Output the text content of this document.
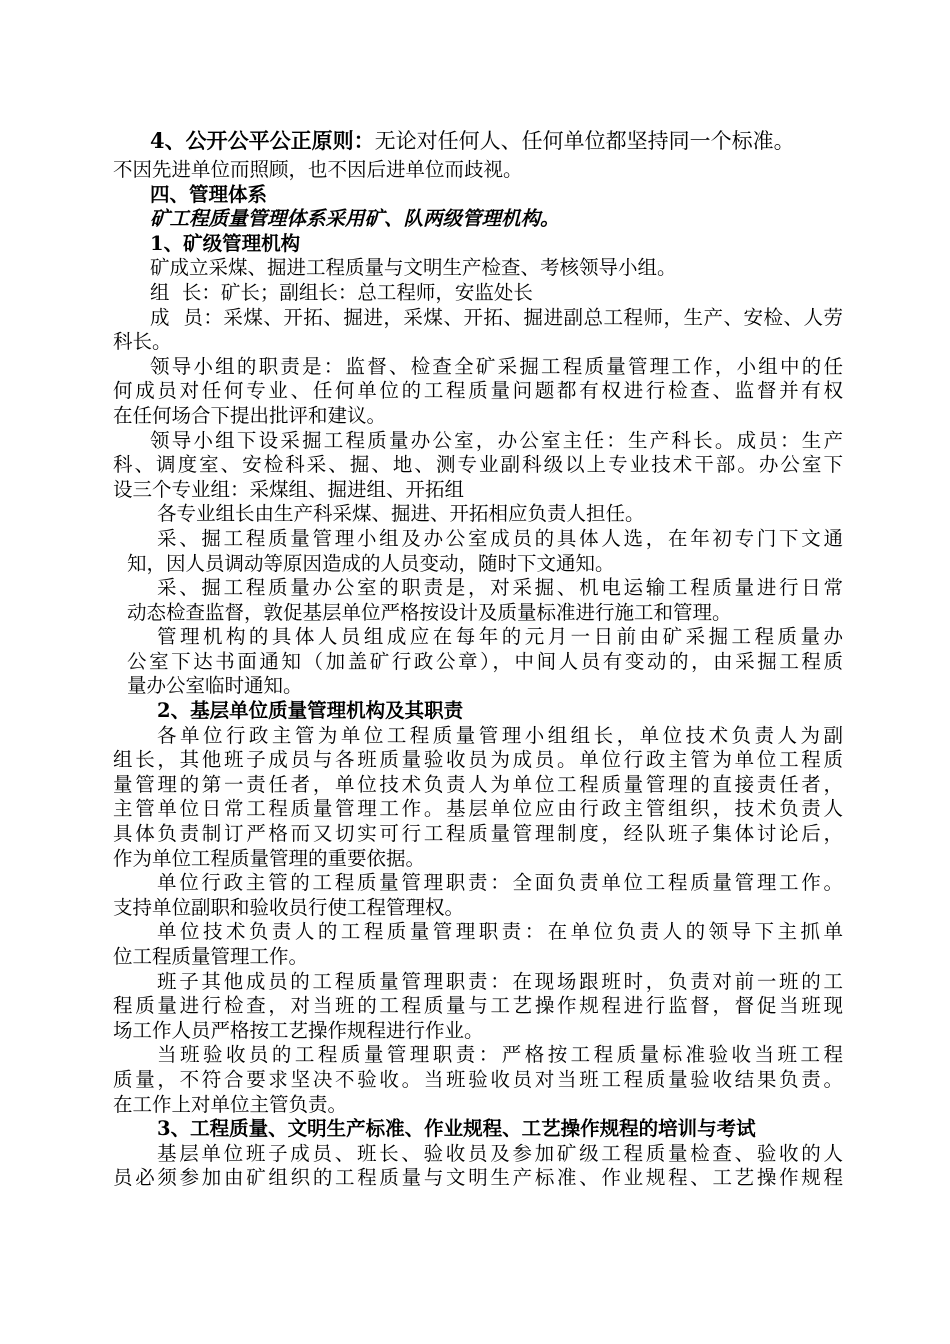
4、公开公平公正原则：无论对任何人、任何单位都坚持同一个标准。
不因先进单位而照顾，也不因后进单位而歧视。
四、管理体系
矿工程质量管理体系采用矿、队两级管理机构。
1、矿级管理机构
矿成立采煤、掘进工程质量与文明生产检查、考核领导小组。
组  长：矿长；副组长：总工程师，安监处长
成  员：采煤、开拓、掘进，采煤、开拓、掘进副总工程师，生产、安检、人劳
科长。
领导小组的职责是：监督、检查全矿采掘工程质量管理工作，小组中的任
何成员对任何专业、任何单位的工程质量问题都有权进行检查、监督并有权
在任何场合下提出批评和建议。
领导小组下设采掘工程质量办公室，办公室主任：生产科长。成员：生产
科、调度室、安检科采、掘、地、测专业副科级以上专业技术干部。办公室下
设三个专业组：采煤组、掘进组、开拓组
各专业组长由生产科采煤、掘进、开拓相应负责人担任。
采、掘工程质量管理小组及办公室成员的具体人选，在年初专门下文通
知，因人员调动等原因造成的人员变动，随时下文通知。
采、掘工程质量办公室的职责是，对采掘、机电运输工程质量进行日常
动态检查监督，敦促基层单位严格按设计及质量标准进行施工和管理。
管理机构的具体人员组成应在每年的元月一日前由矿采掘工程质量办
公室下达书面通知（加盖矿行政公章），中间人员有变动的，由采掘工程质
量办公室临时通知。
2、基层单位质量管理机构及其职责
各单位行政主管为单位工程质量管理小组组长，单位技术负责人为副
组长，其他班子成员与各班质量验收员为成员。单位行政主管为单位工程质
量管理的第一责任者，单位技术负责人为单位工程质量管理的直接责任者，
主管单位日常工程质量管理工作。基层单位应由行政主管组织，技术负责人
具体负责制订严格而又切实可行工程质量管理制度，经队班子集体讨论后，
作为单位工程质量管理的重要依据。
单位行政主管的工程质量管理职责：全面负责单位工程质量管理工作。
支持单位副职和验收员行使工程管理权。
单位技术负责人的工程质量管理职责：在单位负责人的领导下主抓单
位工程质量管理工作。
班子其他成员的工程质量管理职责：在现场跟班时，负责对前一班的工
程质量进行检查，对当班的工程质量与工艺操作规程进行监督，督促当班现
场工作人员严格按工艺操作规程进行作业。
当班验收员的工程质量管理职责：严格按工程质量标准验收当班工程
质量，不符合要求坚决不验收。当班验收员对当班工程质量验收结果负责。
在工作上对单位主管负责。
3、工程质量、文明生产标准、作业规程、工艺操作规程的培训与考试
基层单位班子成员、班长、验收员及参加矿级工程质量检查、验收的人
员必须参加由矿组织的工程质量与文明生产标准、作业规程、工艺操作规程
